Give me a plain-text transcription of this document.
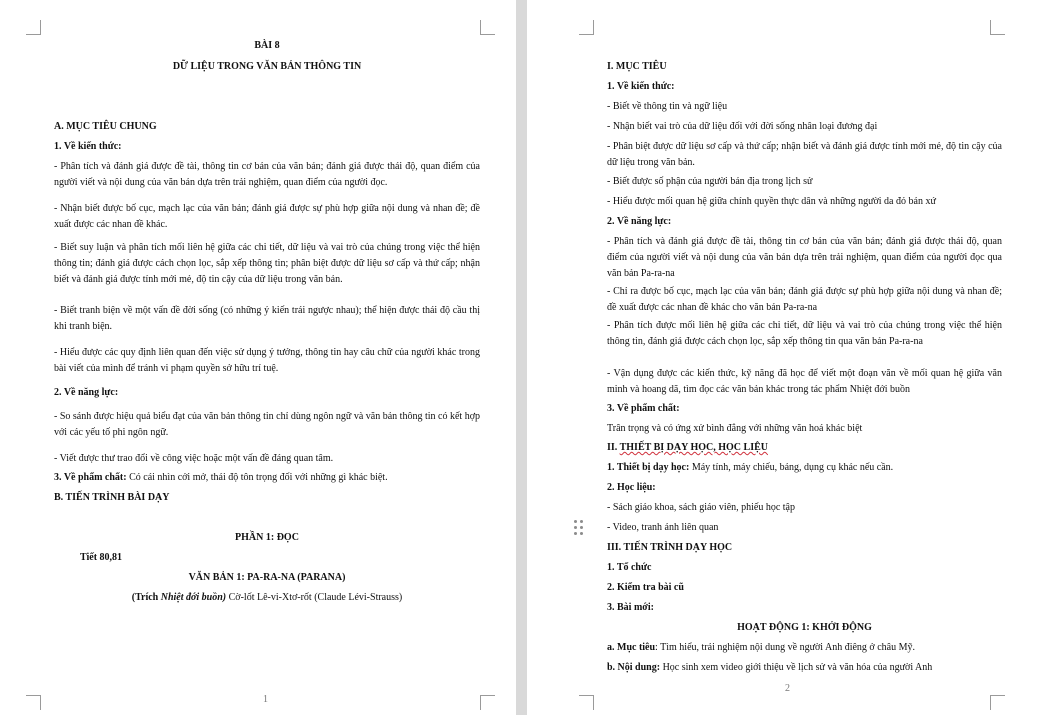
BÀI 8
DỮ LIỆU TRONG VĂN BẢN THÔNG TIN
A. MỤC TIÊU CHUNG
1. Về kiến thức:
- Phân tích và đánh giá được đề tài, thông tin cơ bản của văn bản; đánh giá được thái độ, quan điểm của người viết và nội dung của văn bản dựa trên trải nghiệm, quan điểm của người đọc.
- Nhận biết được bố cục, mạch lạc của văn bản; đánh giá được sự phù hợp giữa nội dung và nhan đề; đề xuất được các nhan đề khác.
- Biết suy luận và phân tích mối liên hệ giữa các chi tiết, dữ liệu và vai trò của chúng trong việc thể hiện thông tin; đánh giá được cách chọn lọc, sắp xếp thông tin; phân biệt được dữ liệu sơ cấp và thứ cấp; nhận biết và đánh giá được tính mới mẻ, độ tin cậy của dữ liệu trong văn bản.
- Biết tranh biện về một vấn đề đời sống (có những ý kiến trái ngược nhau); thể hiện được thái độ cầu thị khi tranh biện.
- Hiểu được các quy định liên quan đến việc sử dụng ý tưởng, thông tin hay câu chữ của người khác trong bài viết của mình để tránh vi phạm quyền sở hữu trí tuệ.
2. Về năng lực:
- So sánh được hiệu quả biểu đạt của văn bản thông tin chỉ dùng ngôn ngữ và văn bản thông tin có kết hợp với các yếu tố phi ngôn ngữ.
- Viết được thư trao đổi về công việc hoặc một vấn đề đáng quan tâm.
3. Về phẩm chất: Có cái nhìn cởi mở, thái độ tôn trọng đối với những gì khác biệt.
B. TIẾN TRÌNH BÀI DẠY
PHẦN 1: ĐỌC
Tiết 80,81
VĂN BẢN 1: PA-RA-NA (PARANA)
(Trích Nhiệt đới buồn) Cờ-lốt Lê-vi-Xtơ-rốt (Claude Lévi-Strauss)
1
I. MỤC TIÊU
1. Về kiến thức:
- Biết về thông tin và ngữ liệu
- Nhận biết vai trò của dữ liệu đối với đời sống nhân loại đương đại
- Phân biệt được dữ liệu sơ cấp và thứ cấp; nhận biết và đánh giá được tính mới mẻ, độ tin cậy của dữ liệu trong văn bản.
- Biết được số phận của người bản địa trong lịch sử
- Hiểu được mối quan hệ giữa chính quyền thực dân và những người da đỏ bản xứ
2. Về năng lực:
- Phân tích và đánh giá được đề tài, thông tin cơ bản của văn bản; đánh giá được thái độ, quan điểm của người viết và nội dung của văn bản dựa trên trải nghiệm, quan điểm của người đọc qua văn bản Pa-ra-na
- Chỉ ra được bố cục, mạch lạc của văn bản; đánh giá được sự phù hợp giữa nội dung và nhan đề; đề xuất được các nhan đề khác cho văn bản Pa-ra-na
- Phân tích được mối liên hệ giữa các chi tiết, dữ liệu và vai trò của chúng trong việc thể hiện thông tin, đánh giá được cách chọn lọc, sắp xếp thông tin qua văn bản Pa-ra-na
- Vận dụng được các kiến thức, kỹ năng đã học để viết một đoạn văn về mối quan hệ giữa văn minh và hoang dã, tìm đọc các văn bản khác trong tác phẩm Nhiệt đới buồn
3. Về phẩm chất:
Trân trọng và có ứng xử bình đẳng với những văn hoá khác biệt
II. THIẾT BỊ DẠY HỌC, HỌC LIỆU
1. Thiết bị dạy học: Máy tính, máy chiếu, bảng, dụng cụ khác nếu cần.
2. Học liệu:
- Sách giáo khoa, sách giáo viên, phiếu học tập
- Video, tranh ảnh liên quan
III. TIẾN TRÌNH DẠY HỌC
1. Tổ chức
2. Kiểm tra bài cũ
3. Bài mới:
HOẠT ĐỘNG 1: KHỞI ĐỘNG
a. Mục tiêu: Tìm hiểu, trải nghiệm nội dung về người Anh điêng ở châu Mỹ.
b. Nội dung: Học sinh xem video giới thiệu về lịch sử và văn hóa của người Anh
2
